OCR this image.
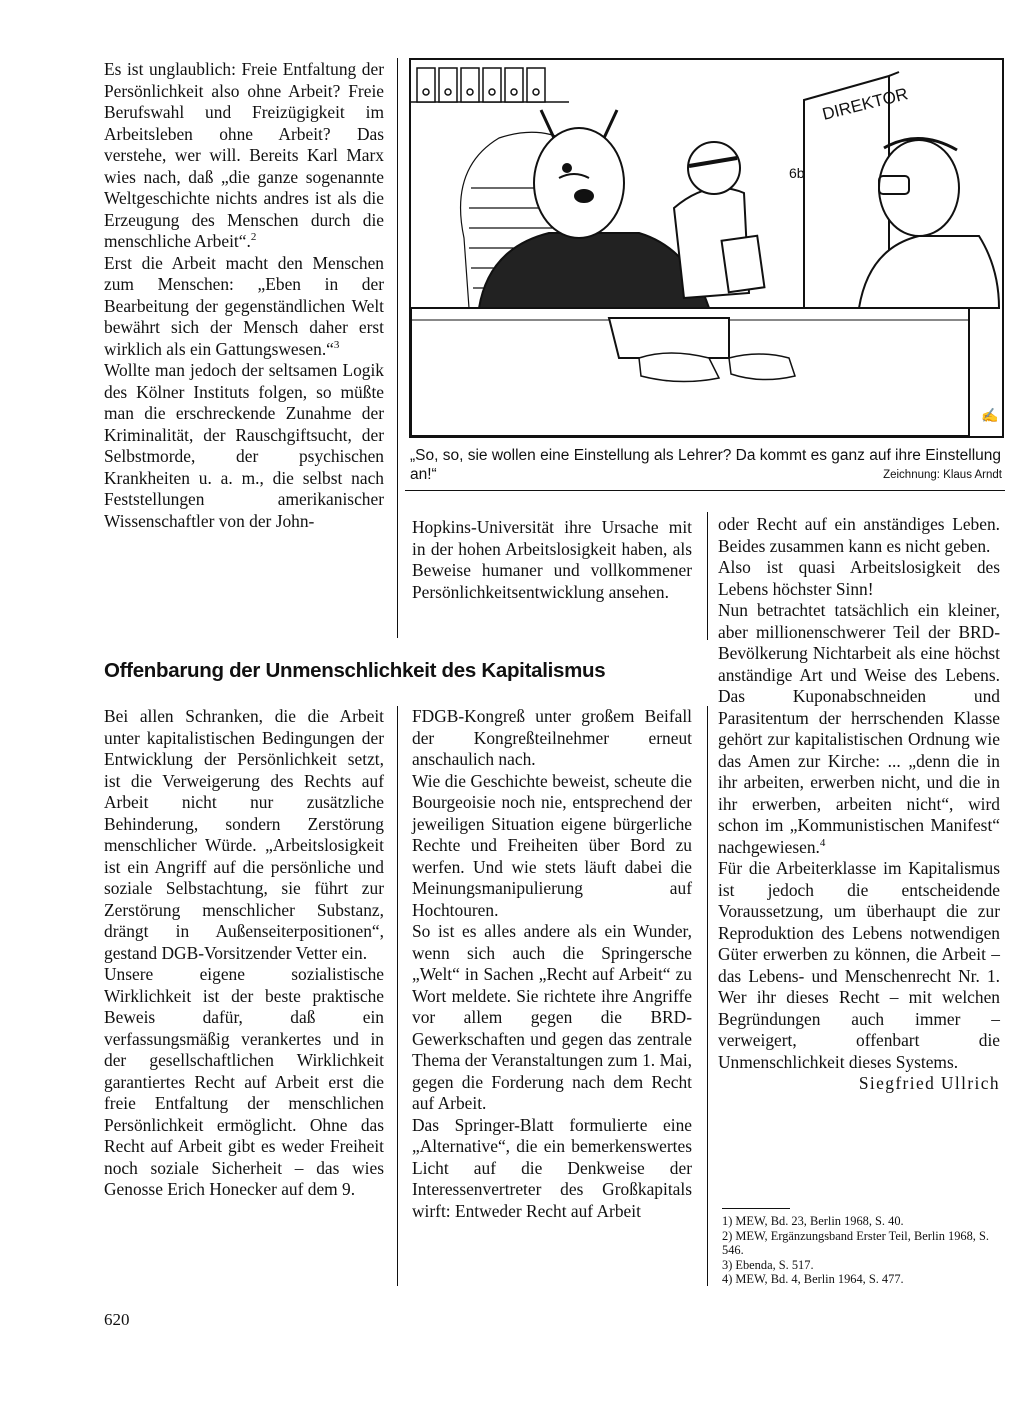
Es ist unglaublich: Freie Entfaltung der Persönlichkeit also ohne Arbeit? Freie Berufswahl und Freizügigkeit im Arbeitsleben ohne Arbeit? Das verstehe, wer will. Bereits Karl Marx wies nach, daß „die ganze sogenannte Weltgeschichte nichts andres ist als die Erzeugung des Menschen durch die menschliche Arbeit“.$^2$

Erst die Arbeit macht den Menschen zum Menschen: „Eben in der Bearbeitung der gegenständlichen Welt bewährt sich der Mensch daher erst wirklich als ein Gattungswesen.“$^3$

Wollte man jedoch der seltsamen Logik des Kölner Instituts folgen, so müßte man die erschreckende Zunahme der Kriminalität, der Rauschgiftsucht, der Selbstmorde, der psychischen Krankheiten u. a. m., die selbst nach Feststellungen amerikanischer Wissenschaftler von der John-

DIREKTOR
6b
✍
„So, so, sie wollen eine Einstellung als Lehrer? Da kommt es ganz auf ihre Einstellung an!“	Zeichnung: Klaus Arndt

Hopkins-Universität ihre Ursache mit in der hohen Arbeitslosigkeit haben, als Beweise humaner und vollkommener Persönlichkeitsentwicklung ansehen.

oder Recht auf ein anständiges Leben. Beides zusammen kann es nicht geben.

Also ist quasi Arbeitslosigkeit des Lebens höchster Sinn!

Nun betrachtet tatsächlich ein kleiner, aber millionenschwerer Teil der BRD-Bevölkerung Nichtarbeit als eine höchst anständige Art und Weise des Lebens. Das Kuponabschneiden und Parasitentum der herrschenden Klasse gehört zur kapitalistischen Ordnung wie das Amen zur Kirche: ... „denn die in ihr arbeiten, erwerben nicht, und die in ihr erwerben, arbeiten nicht“, wird schon im „Kommunistischen Manifest“ nachgewiesen.$^4$

Für die Arbeiterklasse im Kapitalismus ist jedoch die entscheidende Voraussetzung, um überhaupt die zur Reproduktion des Lebens notwendigen Güter erwerben zu können, die Arbeit – das Lebens- und Menschenrecht Nr. 1. Wer ihr dieses Recht – mit welchen Begründungen auch immer – verweigert, offenbart die Unmenschlichkeit dieses Systems.

Siegfried Ullrich

Offenbarung der Unmenschlichkeit des Kapitalismus

Bei allen Schranken, die die Arbeit unter kapitalistischen Bedingungen der Entwicklung der Persönlichkeit setzt, ist die Verweigerung des Rechts auf Arbeit nicht nur zusätzliche Behinderung, sondern Zerstörung menschlicher Würde. „Arbeitslosigkeit ist ein Angriff auf die persönliche und soziale Selbstachtung, sie führt zur Zerstörung menschlicher Substanz, drängt in Außenseiterpositionen“, gestand DGB-Vorsitzender Vetter ein.

Unsere eigene sozialistische Wirklichkeit ist der beste praktische Beweis dafür, daß ein verfassungsmäßig verankertes und in der gesellschaftlichen Wirklichkeit garantiertes Recht auf Arbeit erst die freie Entfaltung der menschlichen Persönlichkeit ermöglicht. Ohne das Recht auf Arbeit gibt es weder Freiheit noch soziale Sicherheit – das wies Genosse Erich Honecker auf dem 9.

FDGB-Kongreß unter großem Beifall der Kongreßteilnehmer erneut anschaulich nach.

Wie die Geschichte beweist, scheute die Bourgeoisie noch nie, entsprechend der jeweiligen Situation eigene bürgerliche Rechte und Freiheiten über Bord zu werfen. Und wie stets läuft dabei die Meinungsmanipulierung auf Hochtouren.

So ist es alles andere als ein Wunder, wenn sich auch die Springersche „Welt“ in Sachen „Recht auf Arbeit“ zu Wort meldete. Sie richtete ihre Angriffe vor allem gegen die BRD-Gewerkschaften und gegen das zentrale Thema der Veranstaltungen zum 1. Mai, gegen die Forderung nach dem Recht auf Arbeit.

Das Springer-Blatt formulierte eine „Alternative“, die ein bemerkenswertes Licht auf die Denkweise der Interessenvertreter des Großkapitals wirft: Entweder Recht auf Arbeit

1) MEW, Bd. 23, Berlin 1968, S. 40.
2) MEW, Ergänzungsband Erster Teil, Berlin 1968, S. 546.
3) Ebenda, S. 517.
4) MEW, Bd. 4, Berlin 1964, S. 477.
620
